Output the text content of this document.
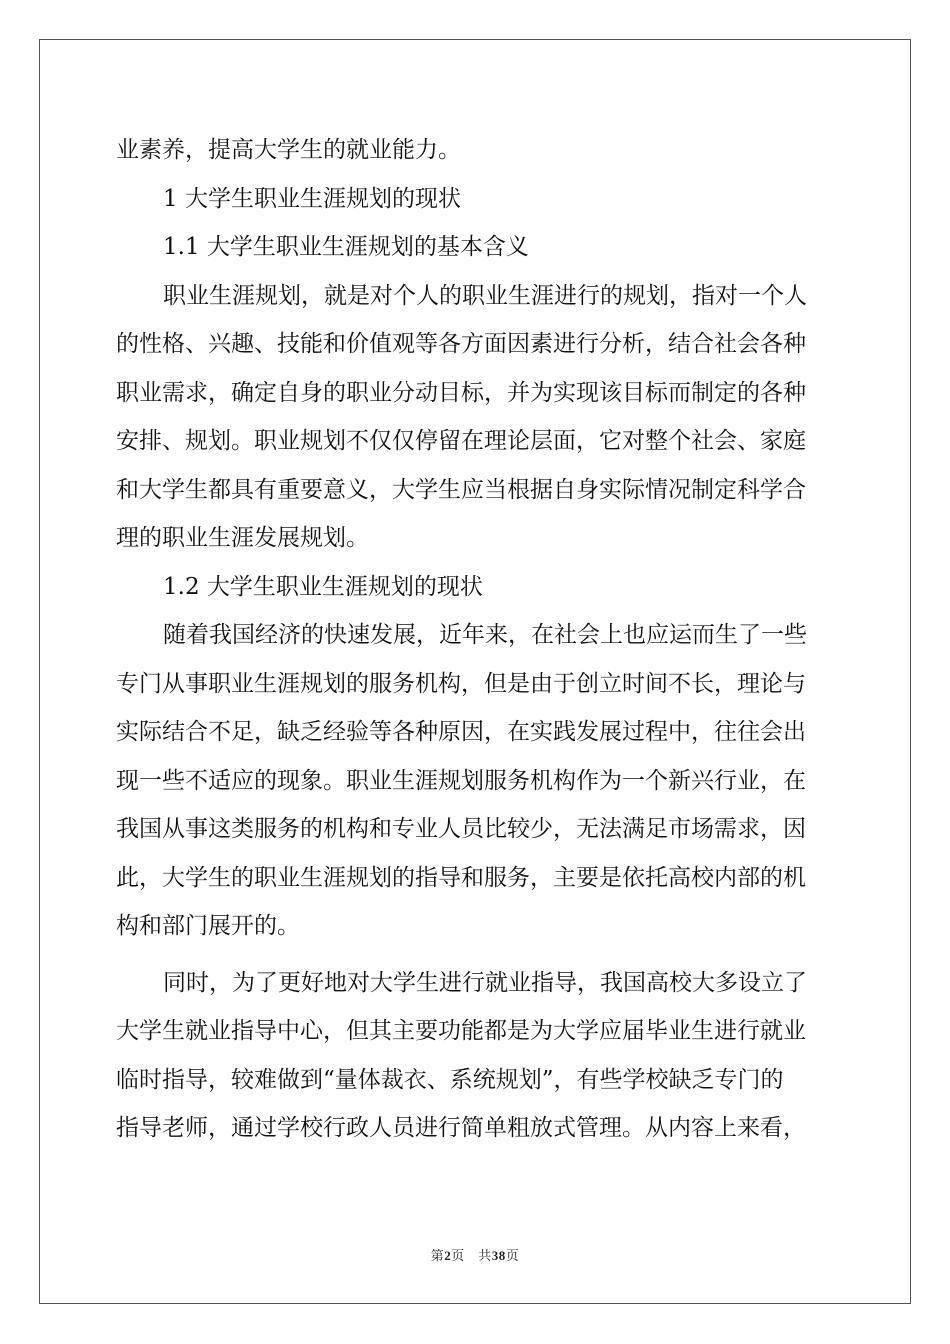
业素养，提高大学生的就业能力。
1 大学生职业生涯规划的现状
1.1 大学生职业生涯规划的基本含义
职业生涯规划，就是对个人的职业生涯进行的规划，指对一个人
的性格、兴趣、技能和价值观等各方面因素进行分析，结合社会各种
职业需求，确定自身的职业分动目标，并为实现该目标而制定的各种
安排、规划。职业规划不仅仅停留在理论层面，它对整个社会、家庭
和大学生都具有重要意义，大学生应当根据自身实际情况制定科学合
理的职业生涯发展规划。
1.2 大学生职业生涯规划的现状
随着我国经济的快速发展，近年来，在社会上也应运而生了一些
专门从事职业生涯规划的服务机构，但是由于创立时间不长，理论与
实际结合不足，缺乏经验等各种原因，在实践发展过程中，往往会出
现一些不适应的现象。职业生涯规划服务机构作为一个新兴行业，在
我国从事这类服务的机构和专业人员比较少，无法满足市场需求，因
此，大学生的职业生涯规划的指导和服务，主要是依托高校内部的机
构和部门展开的。
同时，为了更好地对大学生进行就业指导，我国高校大多设立了
大学生就业指导中心，但其主要功能都是为大学应届毕业生进行就业
临时指导，较难做到“量体裁衣、系统规划”，有些学校缺乏专门的
指导老师，通过学校行政人员进行简单粗放式管理。从内容上来看，
第2页　共38页
